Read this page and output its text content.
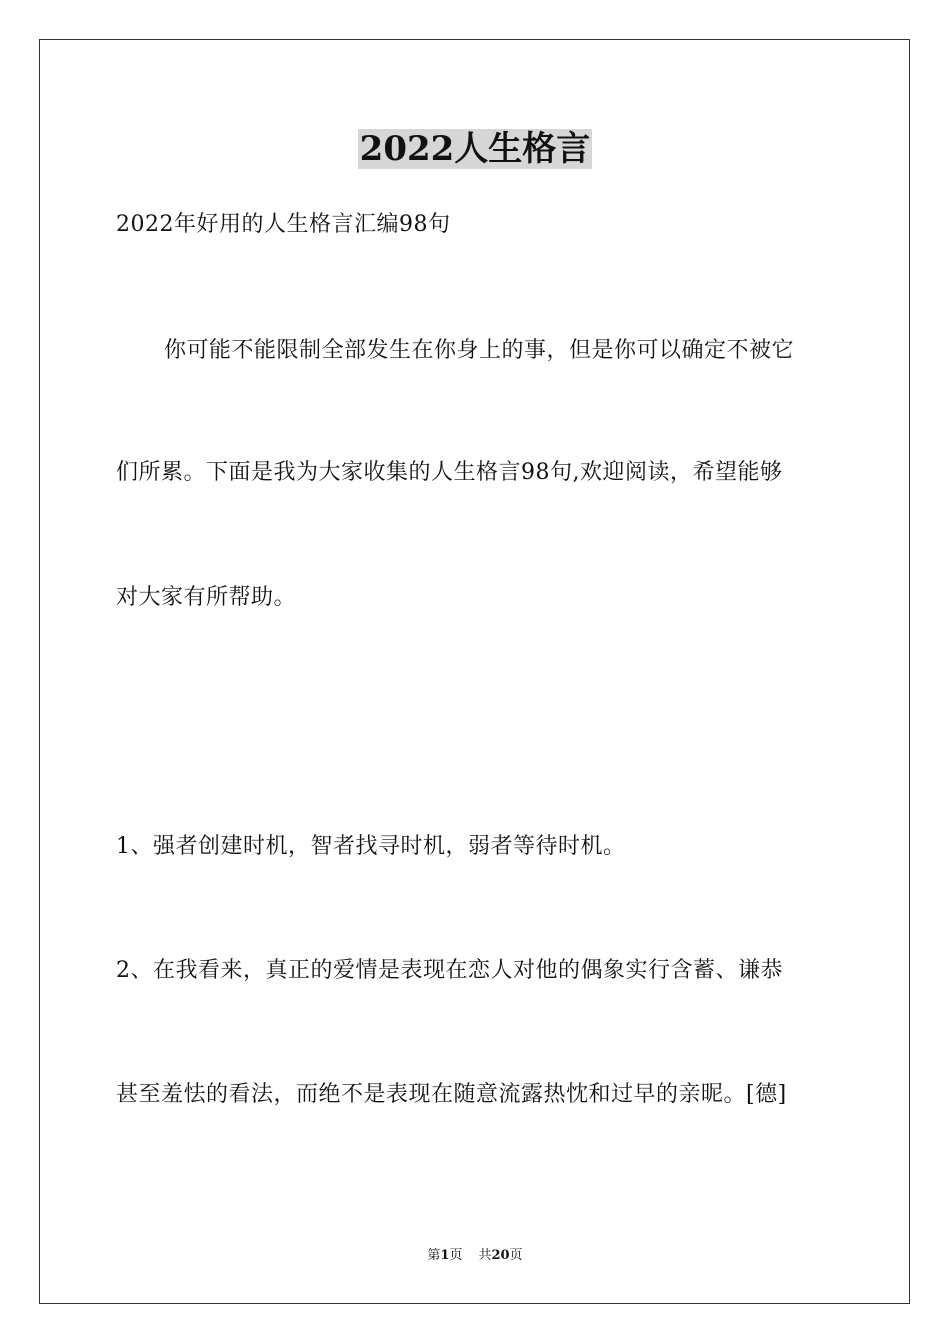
2022人生格言
2022年好用的人生格言汇编98句
你可能不能限制全部发生在你身上的事，但是你可以确定不被它
们所累。下面是我为大家收集的人生格言98句,欢迎阅读，希望能够
对大家有所帮助。
1、强者创建时机，智者找寻时机，弱者等待时机。
2、在我看来，真正的爱情是表现在恋人对他的偶象实行含蓄、谦恭
甚至羞怯的看法，而绝不是表现在随意流露热忱和过早的亲昵。[德]
第1页 共20页
